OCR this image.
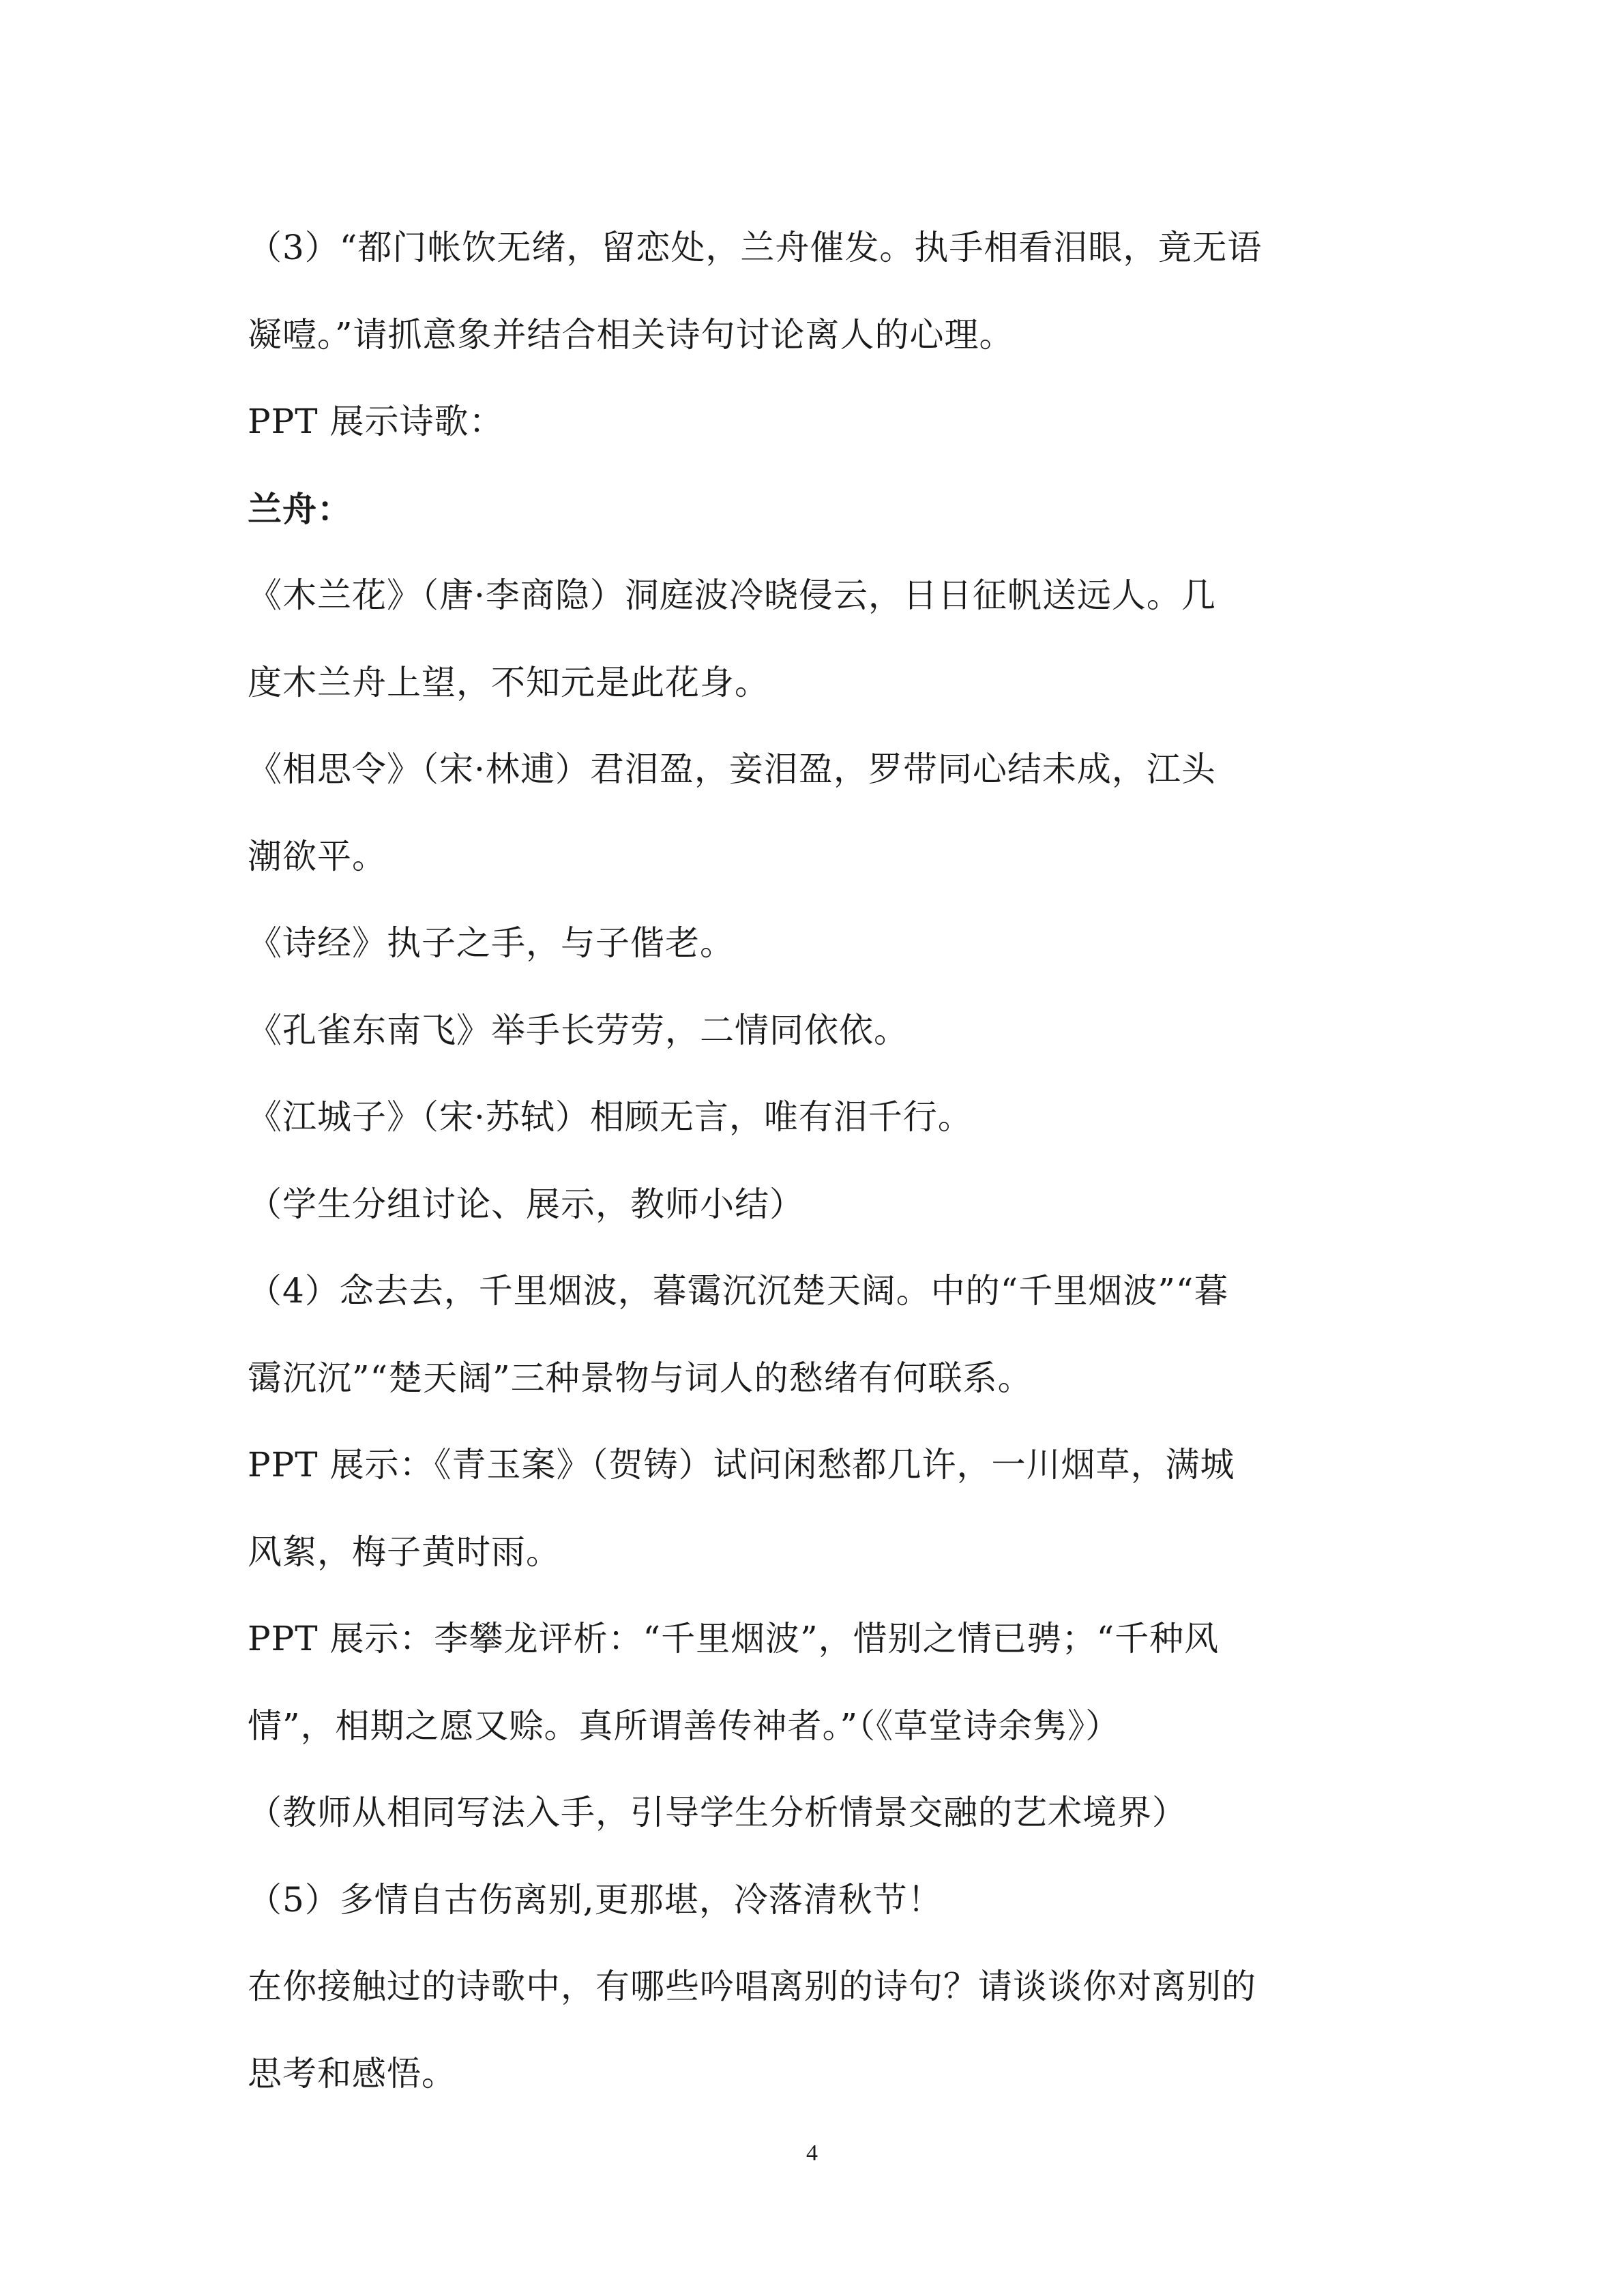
（3）“都门帐饮无绪，留恋处，兰舟催发。执手相看泪眼，竟无语
凝噎。”请抓意象并结合相关诗句讨论离人的心理。
PPT 展示诗歌：
兰舟：
《木兰花》（唐·李商隐）洞庭波冷晓侵云，日日征帆送远人。几
度木兰舟上望，不知元是此花身。
《相思令》（宋·林逋）君泪盈，妾泪盈，罗带同心结未成，江头
潮欲平。
《诗经》执子之手，与子偕老。
《孔雀东南飞》举手长劳劳，二情同依依。
《江城子》（宋·苏轼）相顾无言，唯有泪千行。
（学生分组讨论、展示，教师小结）
（4）念去去，千里烟波，暮霭沉沉楚天阔。中的“千里烟波”“暮
霭沉沉”“楚天阔”三种景物与词人的愁绪有何联系。
PPT 展示：《青玉案》（贺铸）试问闲愁都几许，一川烟草，满城
风絮，梅子黄时雨。
PPT 展示：李攀龙评析：“千里烟波”，惜别之情已骋；“千种风
情”，相期之愿又赊。真所谓善传神者。”（《草堂诗余隽》）
（教师从相同写法入手，引导学生分析情景交融的艺术境界）
（5）多情自古伤离别,更那堪，冷落清秋节！
在你接触过的诗歌中，有哪些吟唱离别的诗句？请谈谈你对离别的
思考和感悟。
4
